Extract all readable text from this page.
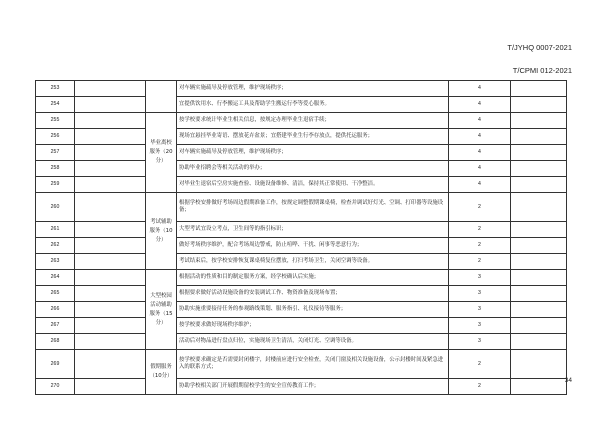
T/JYHQ 0007-2021
T/CPMI 012-2021
253			对车辆实施疏导及停放管理，维护现场秩序；	4	
254			宜提供饮用水、行李搬运工具及帮助学生搬运行李等爱心服务。	4	
255		毕业离校服务（20分）	按学校要求统计毕业生相关信息，按规定办理毕业生退宿手续；	4	
256			现场宜悬挂毕业寄语、摆放花卉盆景；宜搭建毕业生行李存放点，提供托运服务；	4	
257			对车辆实施疏导及停放管理，维护现场秩序；	4	
258			协助毕业招聘会等相关活动的举办；	4	
259			对毕业生退宿后空房实施查验、设施设备维修、清洁，保持其正常使用、干净整洁。	4	
260		考试辅助服务（10分）	根据学校安排做好考场周边假期准备工作，按规定调整假期课桌椅，检查并调试好灯光、空调、打印器等设施设备；	2	
261			大型考试宜设立考点，卫生间等的指引标识；	2	
262			做好考场秩序维护，配合考场周边警戒，防止喧哗、干扰、闲事等恶意行为；	2	
263			考试结束后，按学校安排恢复课桌椅复位摆放，打扫考场卫生，关闭空调等设备。	2	
264		大型校园活动辅助服务（15分）	根据活动的性质和目的制定服务方案，经学校确认后实施；	3	
265			根据要求做好活动设施设备的安装调试工作、物资准备及现场布置；	3	
266			协助实施重要接待任务的参观路线策划、服务指引、礼仪接待等服务；	3	
267			按学校要求做好现场秩序维护；	3	
268			活动后对物品进行盘点归位，实施现场卫生清洁，关闭灯光、空调等设备。	3	
269		假期服务（10分）	按学校要求确定是否需要封闭楼宇，封楼前应进行安全检查，关闭门窗及相关设施设备，公示封楼时间及紧急进入的联系方式；	2	
270			协助学校相关部门开展假期留校学生的安全宣传教育工作；	2	
34
